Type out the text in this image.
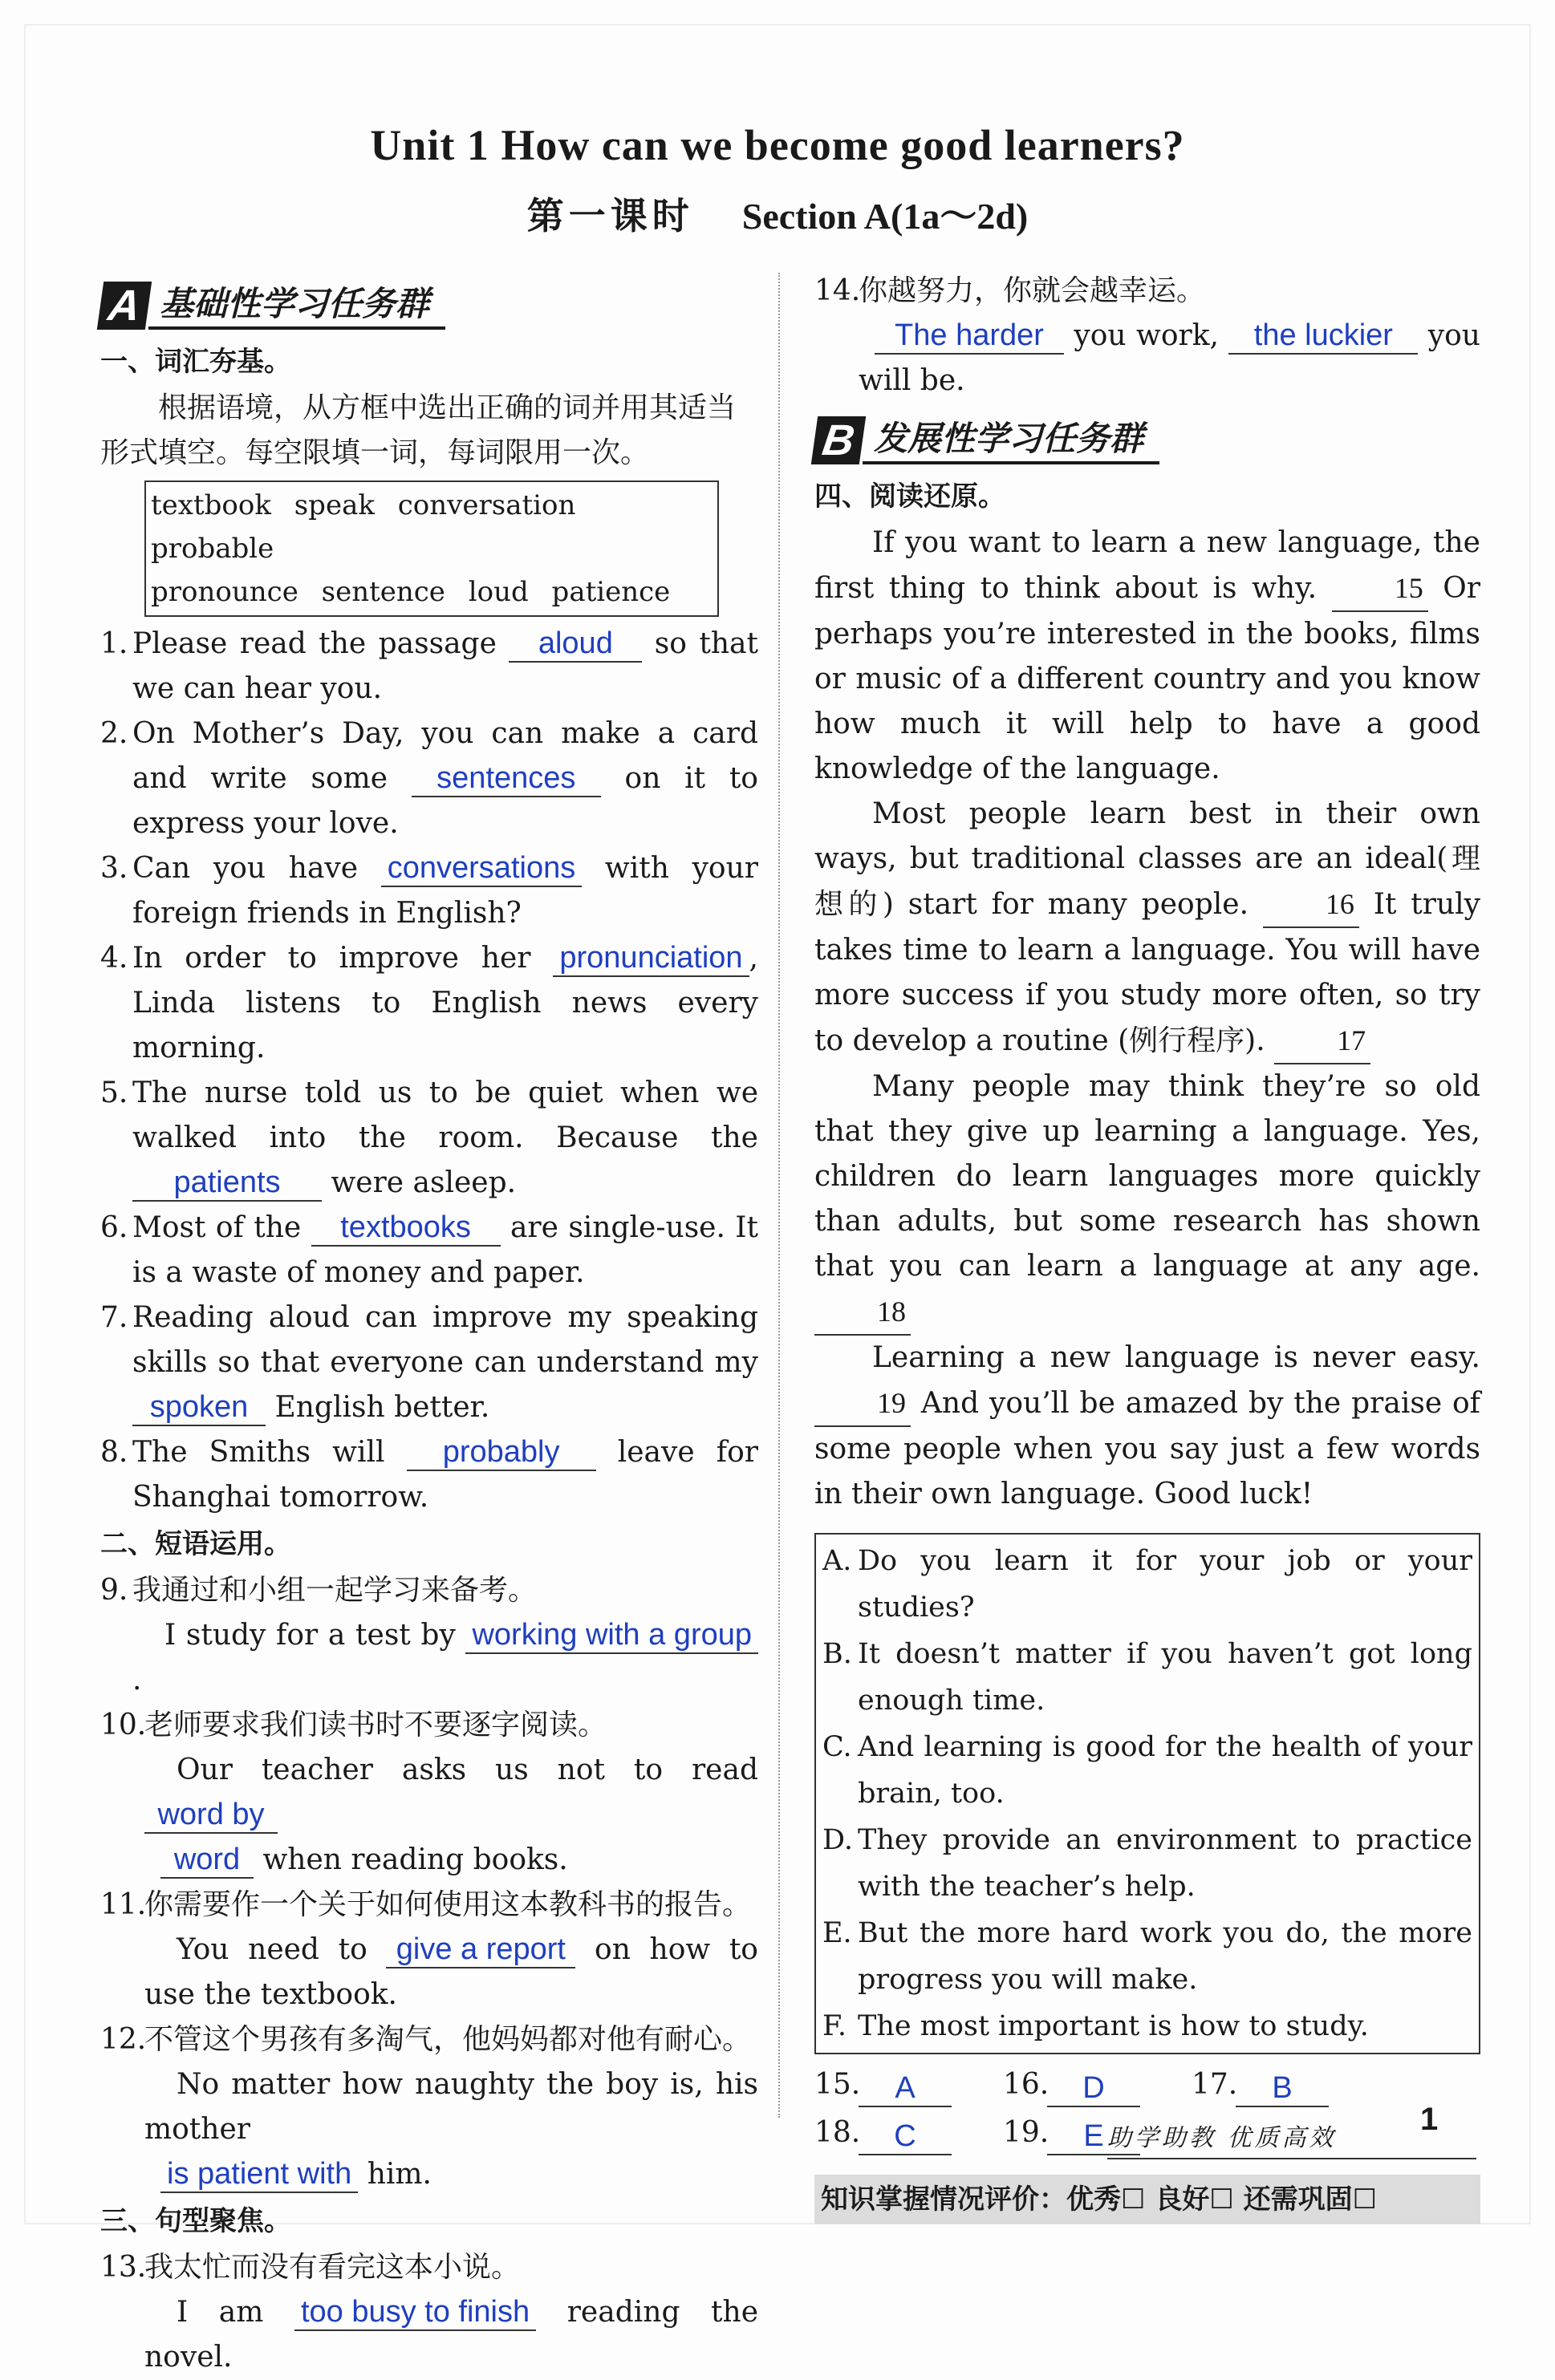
Unit 1 How can we become good learners?
第一课时 Section A(1a～2d)
A 基础性学习任务群
一、词汇夯基。
根据语境，从方框中选出正确的词并用其适当形式填空。每空限填一词，每词限用一次。
textbook speak conversation probable
pronounce sentence loud patience
1. Please read the passage aloud so that we can hear you.
2. On Mother’s Day, you can make a card and write some sentences on it to express your love.
3. Can you have conversations with your foreign friends in English?
4. In order to improve her pronunciation , Linda listens to English news every morning.
5. The nurse told us to be quiet when we walked into the room. Because the patients were asleep.
6. Most of the textbooks are single-use. It is a waste of money and paper.
7. Reading aloud can improve my speaking skills so that everyone can understand my spoken English better.
8. The Smiths will probably leave for Shanghai tomorrow.
二、短语运用。
9. 我通过和小组一起学习来备考。
I study for a test by working with a group.
10.
老师要求我们读书时不要逐字阅读。
Our teacher asks us not to read word by
word when reading books.
11.
你需要作一个关于如何使用这本教科书的报告。
You need to give a report on how to use the textbook.
12.
不管这个男孩有多淘气，他妈妈都对他有耐心。
No matter how naughty the boy is, his mother
is patient with him.
三、句型聚焦。
13.
我太忙而没有看完这本小说。
I am too busy to finish reading the novel.
14.
你越努力，你就会越幸运。
The harder you work, the luckier you will be.
B 发展性学习任务群
四、阅读还原。
If you want to learn a new language, the first thing to think about is why.	15 Or perhaps you’re interested in the books, films or music of a different country and you know how much it will help to have a good knowledge of the language.
Most people learn best in their own ways, but traditional classes are an ideal(理想的) start for many people.	16 It truly takes time to learn a language. You will have more success if you study more often, so try to develop a routine (例行程序). 17
Many people may think they’re so old that they give up learning a language. Yes, children do learn languages more quickly than adults, but some research has shown that you can learn a language at any age. 18
Learning a new language is never easy. 19 And you’ll be amazed by the praise of some people when you say just a few words in their own language. Good luck!
A. Do you learn it for your job or your studies?
B. It doesn’t matter if you haven’t got long enough time.
C. And learning is good for the health of your brain, too.
D. They provide an environment to practice with the teacher’s help.
E. But the more hard work you do, the more progress you will make.
F. The most important is how to study.
15.	A	16.	D	17.	B
18.	C	19.	E
知识掌握情况评价：优秀☐ 良好☐ 还需巩固☐
助学助教 优质高效
1
